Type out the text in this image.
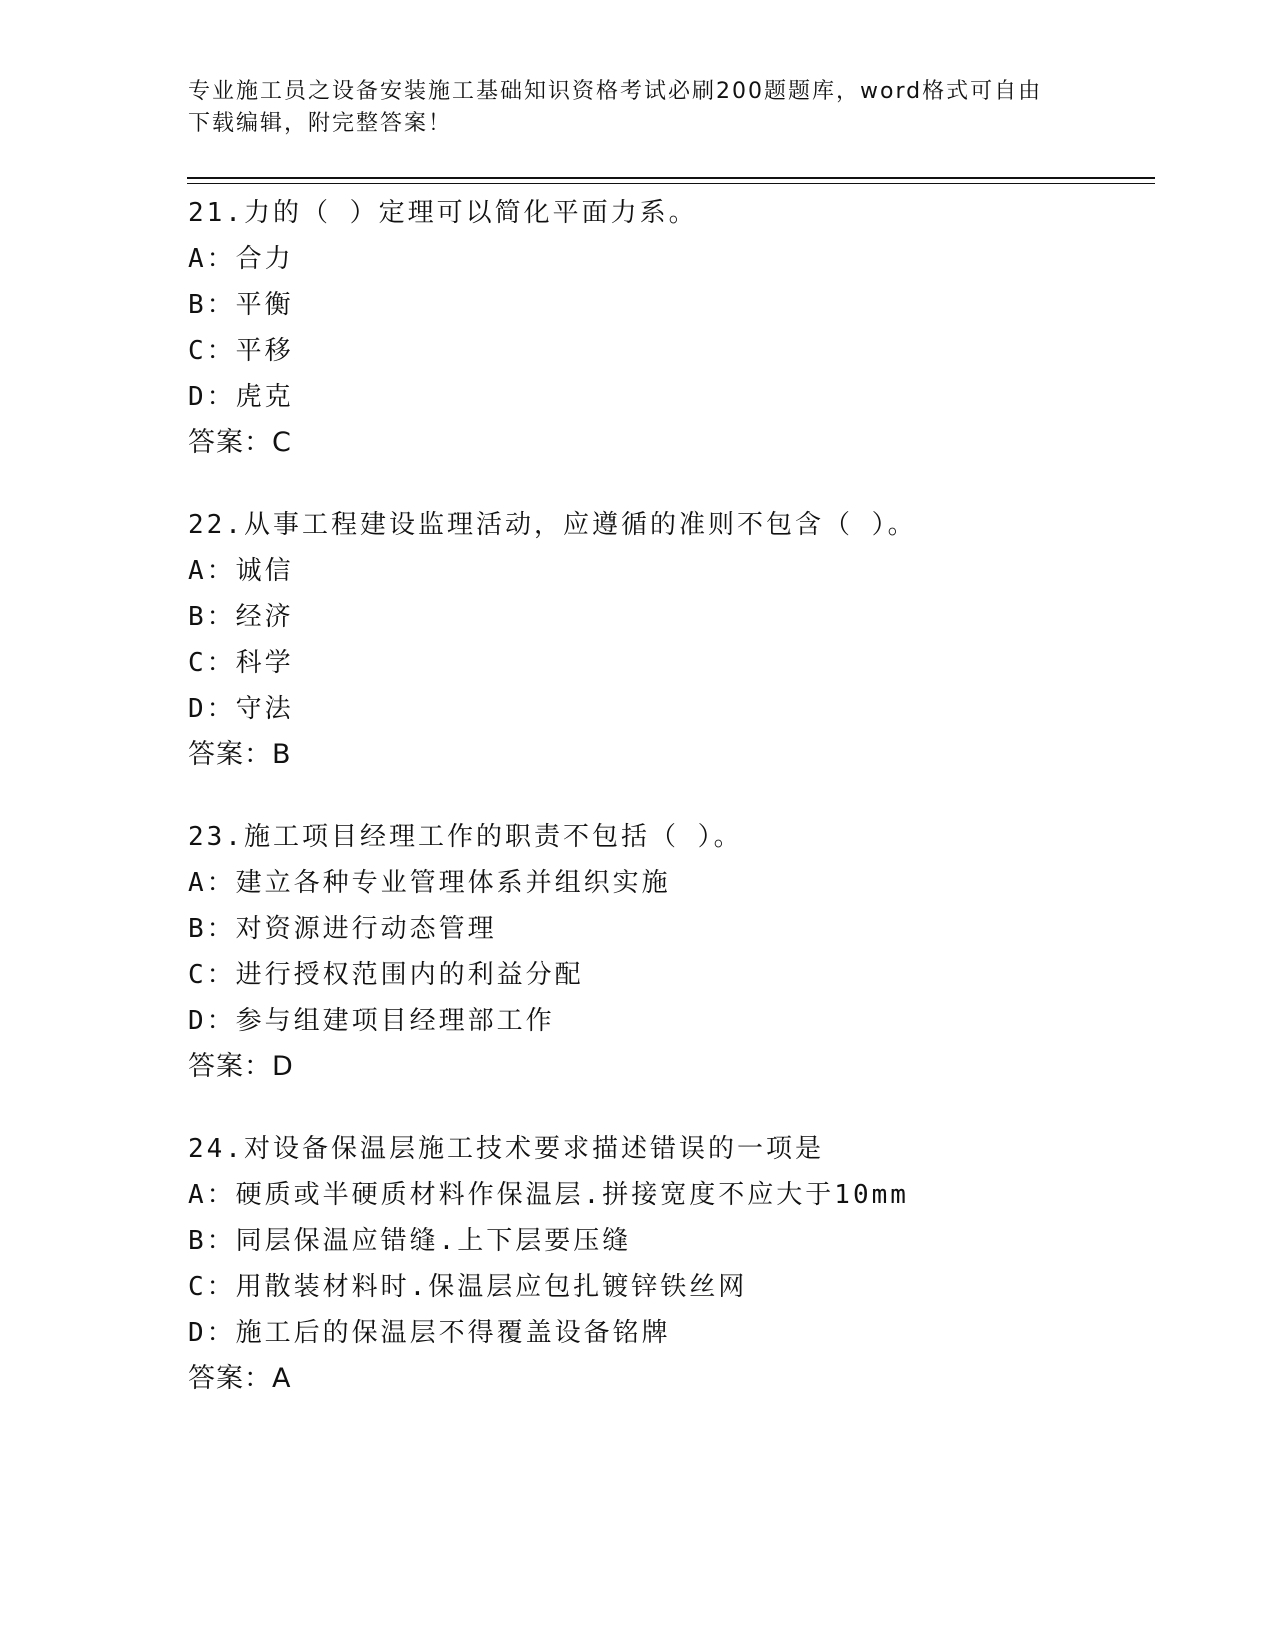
专业施工员之设备安装施工基础知识资格考试必刷200题题库，word格式可自由
下载编辑，附完整答案！
21.力的（ ）定理可以简化平面力系。
A：合力
B：平衡
C：平移
D：虎克
答案：C
22.从事工程建设监理活动，应遵循的准则不包含（ ）。
A：诚信
B：经济
C：科学
D：守法
答案：B
23.施工项目经理工作的职责不包括（ ）。
A：建立各种专业管理体系并组织实施
B：对资源进行动态管理
C：进行授权范围内的利益分配
D：参与组建项目经理部工作
答案：D
24.对设备保温层施工技术要求描述错误的一项是
A：硬质或半硬质材料作保温层.拼接宽度不应大于10mm
B：同层保温应错缝.上下层要压缝
C：用散装材料时.保温层应包扎镀锌铁丝网
D：施工后的保温层不得覆盖设备铭牌
答案：A
